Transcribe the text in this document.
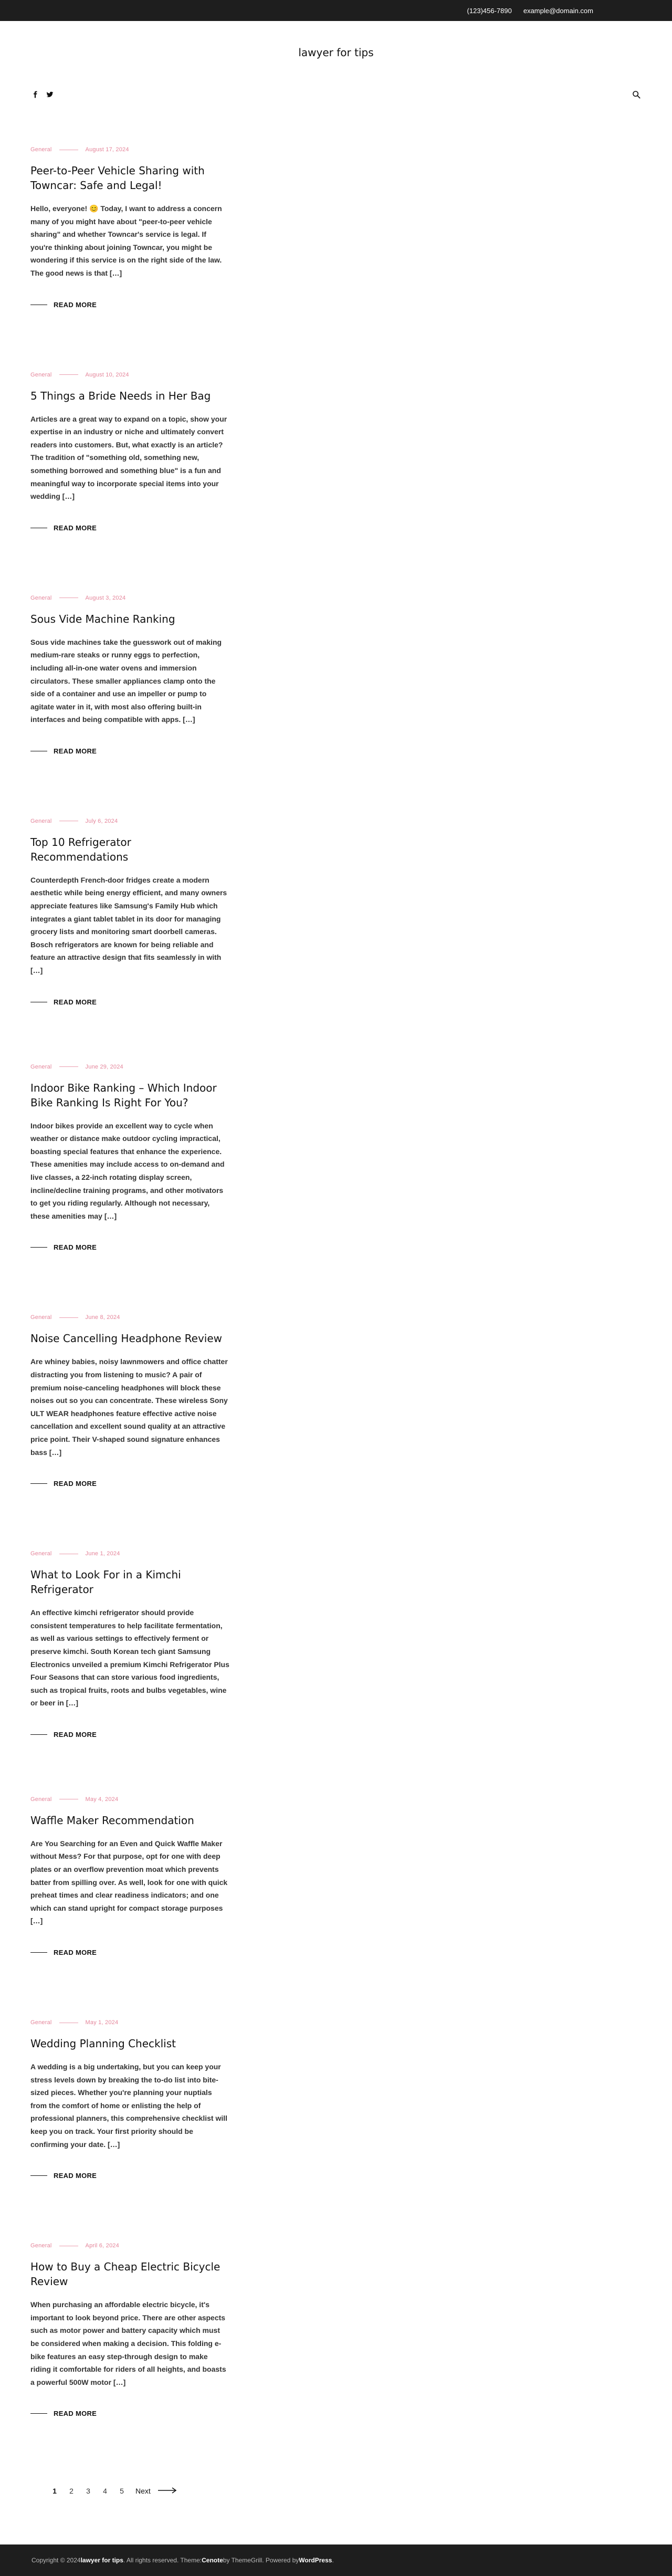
(123)456-7890 example@domain.com
lawyer for tips
General	August 17, 2024
Peer-to-Peer Vehicle Sharing with Towncar: Safe and Legal!

Hello, everyone! 😊 Today, I want to address a concern many of you might have about "peer-to-peer vehicle sharing" and whether Towncar's service is legal. If you're thinking about joining Towncar, you might be wondering if this service is on the right side of the law. The good news is that […]

READ MORE
General	August 10, 2024
5 Things a Bride Needs in Her Bag

Articles are a great way to expand on a topic, show your expertise in an industry or niche and ultimately convert readers into customers. But, what exactly is an article? The tradition of "something old, something new, something borrowed and something blue" is a fun and meaningful way to incorporate special items into your wedding […]

READ MORE
General	August 3, 2024
Sous Vide Machine Ranking

Sous vide machines take the guesswork out of making medium-rare steaks or runny eggs to perfection, including all-in-one water ovens and immersion circulators. These smaller appliances clamp onto the side of a container and use an impeller or pump to agitate water in it, with most also offering built-in interfaces and being compatible with apps. […]

READ MORE
General	July 6, 2024
Top 10 Refrigerator Recommendations

Counterdepth French-door fridges create a modern aesthetic while being energy efficient, and many owners appreciate features like Samsung's Family Hub which integrates a giant tablet tablet in its door for managing grocery lists and monitoring smart doorbell cameras. Bosch refrigerators are known for being reliable and feature an attractive design that fits seamlessly in with […]

READ MORE
General	June 29, 2024
Indoor Bike Ranking – Which Indoor Bike Ranking Is Right For You?

Indoor bikes provide an excellent way to cycle when weather or distance make outdoor cycling impractical, boasting special features that enhance the experience. These amenities may include access to on-demand and live classes, a 22-inch rotating display screen, incline/decline training programs, and other motivators to get you riding regularly. Although not necessary, these amenities may […]

READ MORE
General	June 8, 2024
Noise Cancelling Headphone Review

Are whiney babies, noisy lawnmowers and office chatter distracting you from listening to music? A pair of premium noise-canceling headphones will block these noises out so you can concentrate. These wireless Sony ULT WEAR headphones feature effective active noise cancellation and excellent sound quality at an attractive price point. Their V-shaped sound signature enhances bass […]

READ MORE
General	June 1, 2024
What to Look For in a Kimchi Refrigerator

An effective kimchi refrigerator should provide consistent temperatures to help facilitate fermentation, as well as various settings to effectively ferment or preserve kimchi. South Korean tech giant Samsung Electronics unveiled a premium Kimchi Refrigerator Plus Four Seasons that can store various food ingredients, such as tropical fruits, roots and bulbs vegetables, wine or beer in […]

READ MORE
General	May 4, 2024
Waffle Maker Recommendation

Are You Searching for an Even and Quick Waffle Maker without Mess? For that purpose, opt for one with deep plates or an overflow prevention moat which prevents batter from spilling over. As well, look for one with quick preheat times and clear readiness indicators; and one which can stand upright for compact storage purposes […]

READ MORE
General	May 1, 2024
Wedding Planning Checklist

A wedding is a big undertaking, but you can keep your stress levels down by breaking the to-do list into bite-sized pieces. Whether you're planning your nuptials from the comfort of home or enlisting the help of professional planners, this comprehensive checklist will keep you on track. Your first priority should be confirming your date. […]

READ MORE
General	April 6, 2024
How to Buy a Cheap Electric Bicycle Review

When purchasing an affordable electric bicycle, it's important to look beyond price. There are other aspects such as motor power and battery capacity which must be considered when making a decision. This folding e-bike features an easy step-through design to make riding it comfortable for riders of all heights, and boasts a powerful 500W motor […]

READ MORE
1	2	3	4	5	Next
Copyright © 2024 lawyer for tips . All rights reserved. Theme: Cenote by ThemeGrill. Powered by WordPress .
